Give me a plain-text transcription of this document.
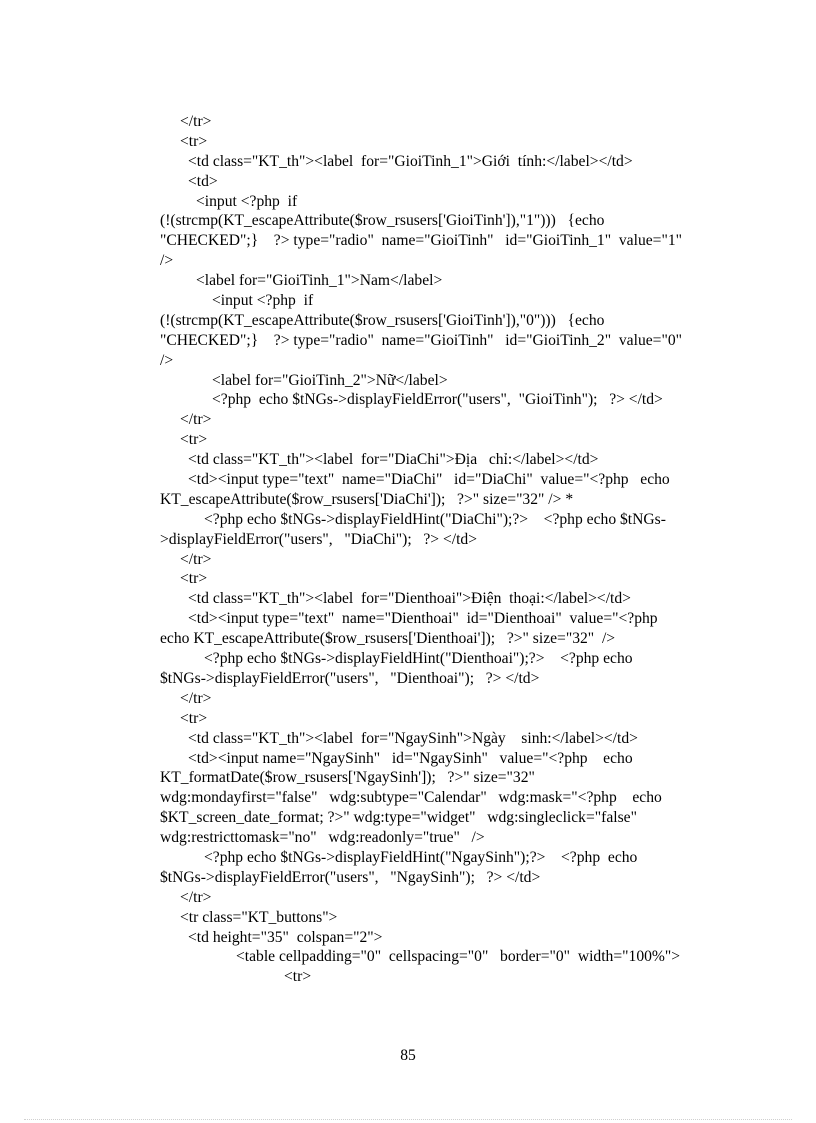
</tr>
<tr>
<td class="KT_th"><label  for="GioiTinh_1">Giới  tính:</label></td>
<td>
<input <?php  if
(!(strcmp(KT_escapeAttribute($row_rsusers['GioiTinh']),"1")))   {echo
"CHECKED";}    ?> type="radio"  name="GioiTinh"   id="GioiTinh_1"  value="1"
/>
<label for="GioiTinh_1">Nam</label>
<input <?php  if
(!(strcmp(KT_escapeAttribute($row_rsusers['GioiTinh']),"0")))   {echo
"CHECKED";}    ?> type="radio"  name="GioiTinh"   id="GioiTinh_2"  value="0"
/>
<label for="GioiTinh_2">Nữ</label>
<?php  echo $tNGs->displayFieldError("users",  "GioiTinh");   ?> </td>
</tr>
<tr>
<td class="KT_th"><label  for="DiaChi">Địa   chỉ:</label></td>
<td><input type="text"  name="DiaChi"   id="DiaChi"  value="<?php   echo
KT_escapeAttribute($row_rsusers['DiaChi']);   ?>" size="32" /> *
<?php echo $tNGs->displayFieldHint("DiaChi");?>    <?php echo $tNGs-
>displayFieldError("users",   "DiaChi");   ?> </td>
</tr>
<tr>
<td class="KT_th"><label  for="Dienthoai">Điện  thoại:</label></td>
<td><input type="text"  name="Dienthoai"  id="Dienthoai"  value="<?php
echo KT_escapeAttribute($row_rsusers['Dienthoai']);   ?>" size="32"  />
<?php echo $tNGs->displayFieldHint("Dienthoai");?>    <?php echo
$tNGs->displayFieldError("users",   "Dienthoai");   ?> </td>
</tr>
<tr>
<td class="KT_th"><label  for="NgaySinh">Ngày    sinh:</label></td>
<td><input name="NgaySinh"   id="NgaySinh"   value="<?php    echo
KT_formatDate($row_rsusers['NgaySinh']);   ?>" size="32"
wdg:mondayfirst="false"   wdg:subtype="Calendar"   wdg:mask="<?php    echo
$KT_screen_date_format; ?>" wdg:type="widget"   wdg:singleclick="false"
wdg:restricttomask="no"   wdg:readonly="true"   />
<?php echo $tNGs->displayFieldHint("NgaySinh");?>    <?php  echo
$tNGs->displayFieldError("users",   "NgaySinh");   ?> </td>
</tr>
<tr class="KT_buttons">
<td height="35"  colspan="2">
<table cellpadding="0"  cellspacing="0"   border="0"  width="100%">
<tr>
85
